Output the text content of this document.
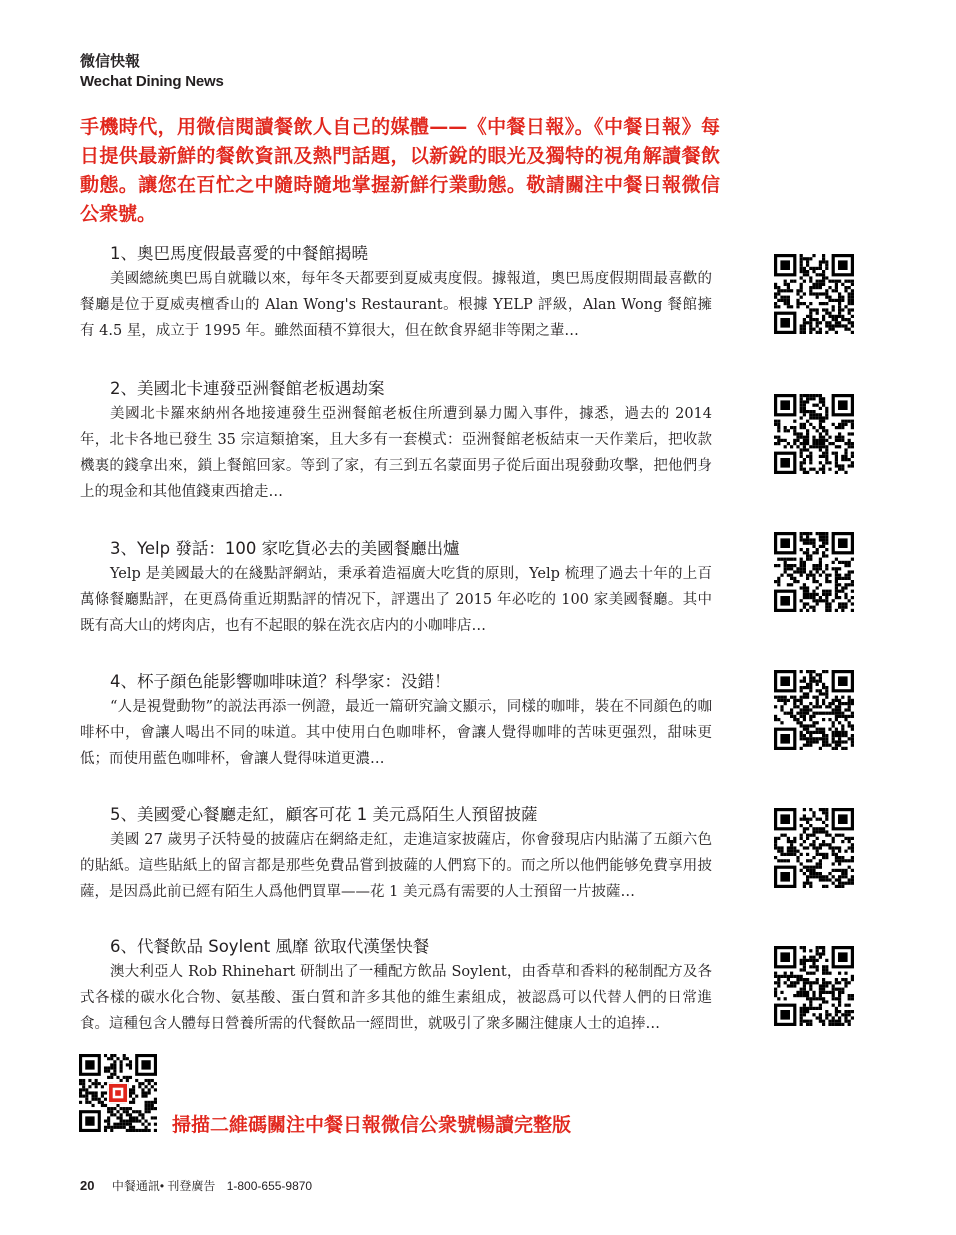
微信快報
Wechat Dining News

手機時代，用微信閱讀餐飲人自己的媒體——《中餐日報》。《中餐日報》每日提供最新鮮的餐飲資訊及熱門話題，以新銳的眼光及獨特的視角解讀餐飲動態。讓您在百忙之中隨時隨地掌握新鮮行業動態。敬請關注中餐日報微信公衆號。

1、奧巴馬度假最喜愛的中餐館揭曉

美國總統奧巴馬自就職以來，每年冬天都要到夏威夷度假。據報道，奧巴馬度假期間最喜歡的餐廳是位于夏威夷檀香山的 Alan Wong's Restaurant。根據 YELP 評級，Alan Wong 餐館擁有 4.5 星，成立于 1995 年。雖然面積不算很大，但在飲食界絕非等閑之輩…

2、美國北卡連發亞洲餐館老板遇劫案

美國北卡羅來納州各地接連發生亞洲餐館老板住所遭到暴力闖入事件，據悉，過去的 2014 年，北卡各地已發生 35 宗這類搶案，且大多有一套模式：亞洲餐館老板結束一天作業后，把收款機裏的錢拿出來，鎖上餐館回家。等到了家，有三到五名蒙面男子從后面出現發動攻擊，把他們身上的現金和其他值錢東西搶走…

3、Yelp 發話：100 家吃貨必去的美國餐廳出爐

Yelp 是美國最大的在綫點評網站，秉承着造福廣大吃貨的原則，Yelp 梳理了過去十年的上百萬條餐廳點評，在更爲倚重近期點評的情况下，評選出了 2015 年必吃的 100 家美國餐廳。其中既有高大山的烤肉店，也有不起眼的躲在洗衣店内的小咖啡店…

4、杯子顔色能影響咖啡味道？科學家：没錯！

“人是視覺動物”的説法再添一例證，最近一篇研究論文顯示，同樣的咖啡，裝在不同顔色的咖啡杯中，會讓人喝出不同的味道。其中使用白色咖啡杯，會讓人覺得咖啡的苦味更强烈，甜味更低；而使用藍色咖啡杯，會讓人覺得味道更濃…

5、美國愛心餐廳走紅，顧客可花 1 美元爲陌生人預留披薩

美國 27 歲男子沃特曼的披薩店在網絡走紅，走進這家披薩店，你會發現店内貼滿了五顔六色的貼紙。這些貼紙上的留言都是那些免費品嘗到披薩的人們寫下的。而之所以他們能够免費享用披薩，是因爲此前已經有陌生人爲他們買單——花 1 美元爲有需要的人士預留一片披薩…

6、代餐飲品 Soylent 風靡 欲取代漢堡快餐

澳大利亞人 Rob Rhinehart 研制出了一種配方飲品 Soylent，由香草和香料的秘制配方及各式各樣的碳水化合物、氨基酸、蛋白質和許多其他的維生素組成，被認爲可以代替人們的日常進食。這種包含人體每日營養所需的代餐飲品一經問世，就吸引了衆多關注健康人士的追捧…

掃描二維碼關注中餐日報微信公衆號暢讀完整版
20 中餐通訊• 刊登廣告 1-800-655-9870
